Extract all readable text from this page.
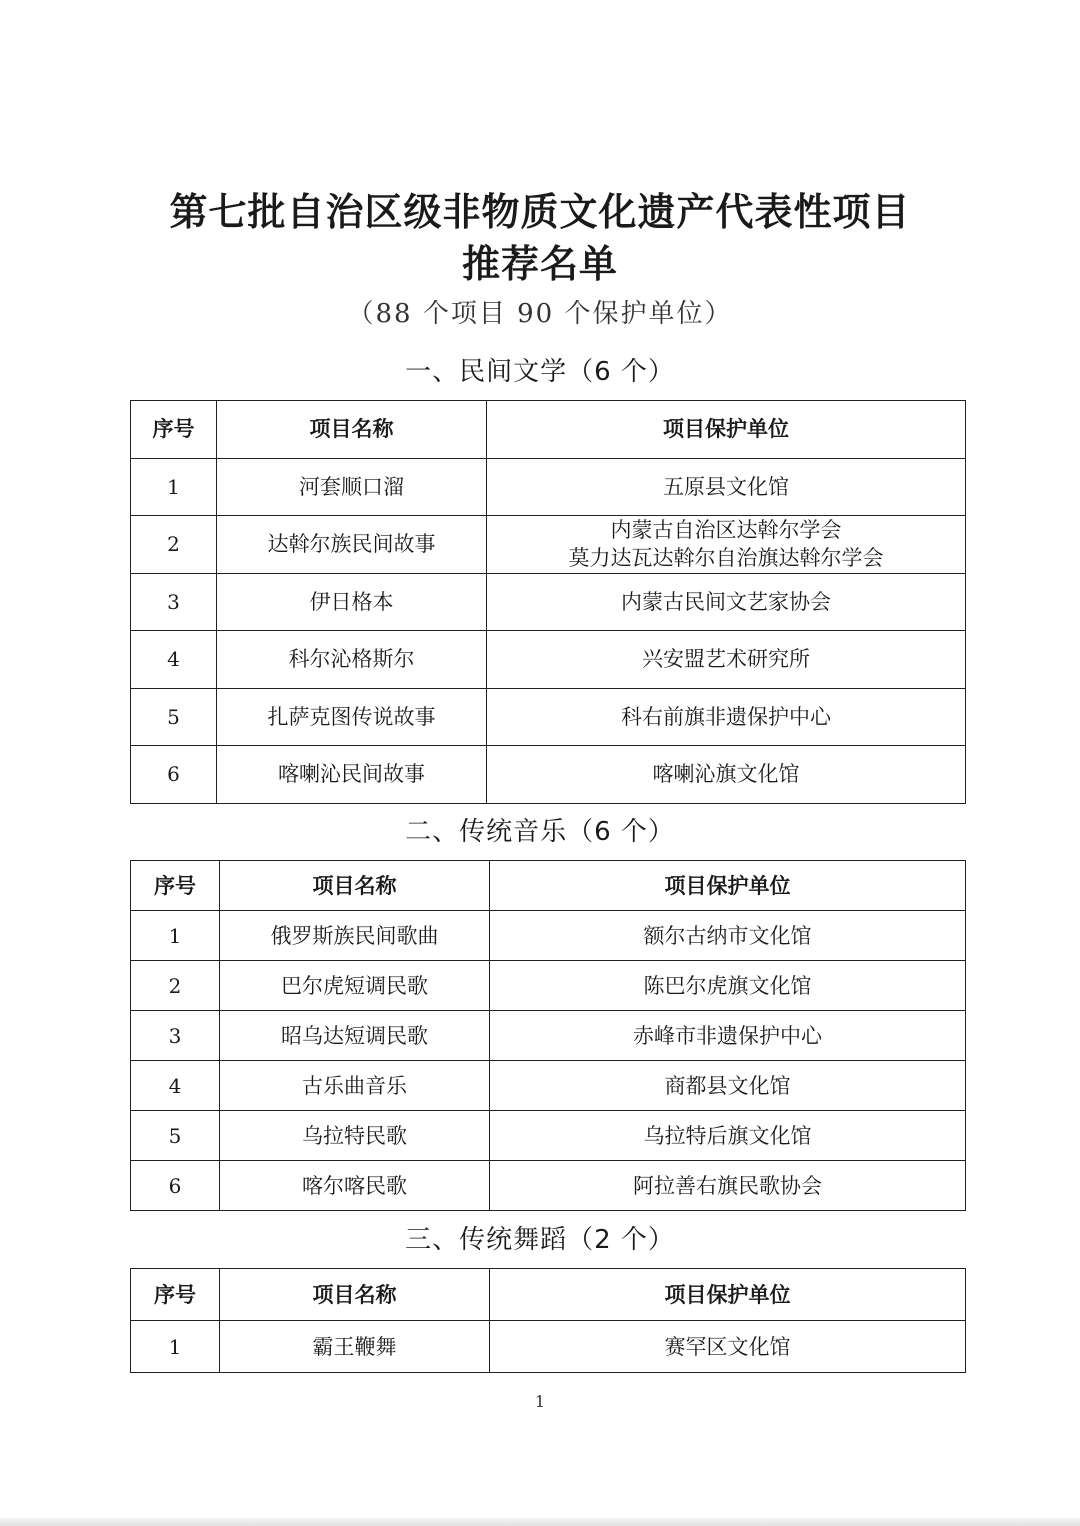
第七批自治区级非物质文化遗产代表性项目
推荐名单
（88 个项目 90 个保护单位）
一、民间文学（6 个）
序号	项目名称	项目保护单位
1	河套顺口溜	五原县文化馆
2	达斡尔族民间故事	内蒙古自治区达斡尔学会
莫力达瓦达斡尔自治旗达斡尔学会

3	伊日格本	内蒙古民间文艺家协会
4	科尔沁格斯尔	兴安盟艺术研究所
5	扎萨克图传说故事	科右前旗非遗保护中心
6	喀喇沁民间故事	喀喇沁旗文化馆
二、传统音乐（6 个）
序号	项目名称	项目保护单位
1	俄罗斯族民间歌曲	额尔古纳市文化馆
2	巴尔虎短调民歌	陈巴尔虎旗文化馆
3	昭乌达短调民歌	赤峰市非遗保护中心
4	古乐曲音乐	商都县文化馆
5	乌拉特民歌	乌拉特后旗文化馆
6	喀尔喀民歌	阿拉善右旗民歌协会
三、传统舞蹈（2 个）
序号	项目名称	项目保护单位
1	霸王鞭舞	赛罕区文化馆
1
